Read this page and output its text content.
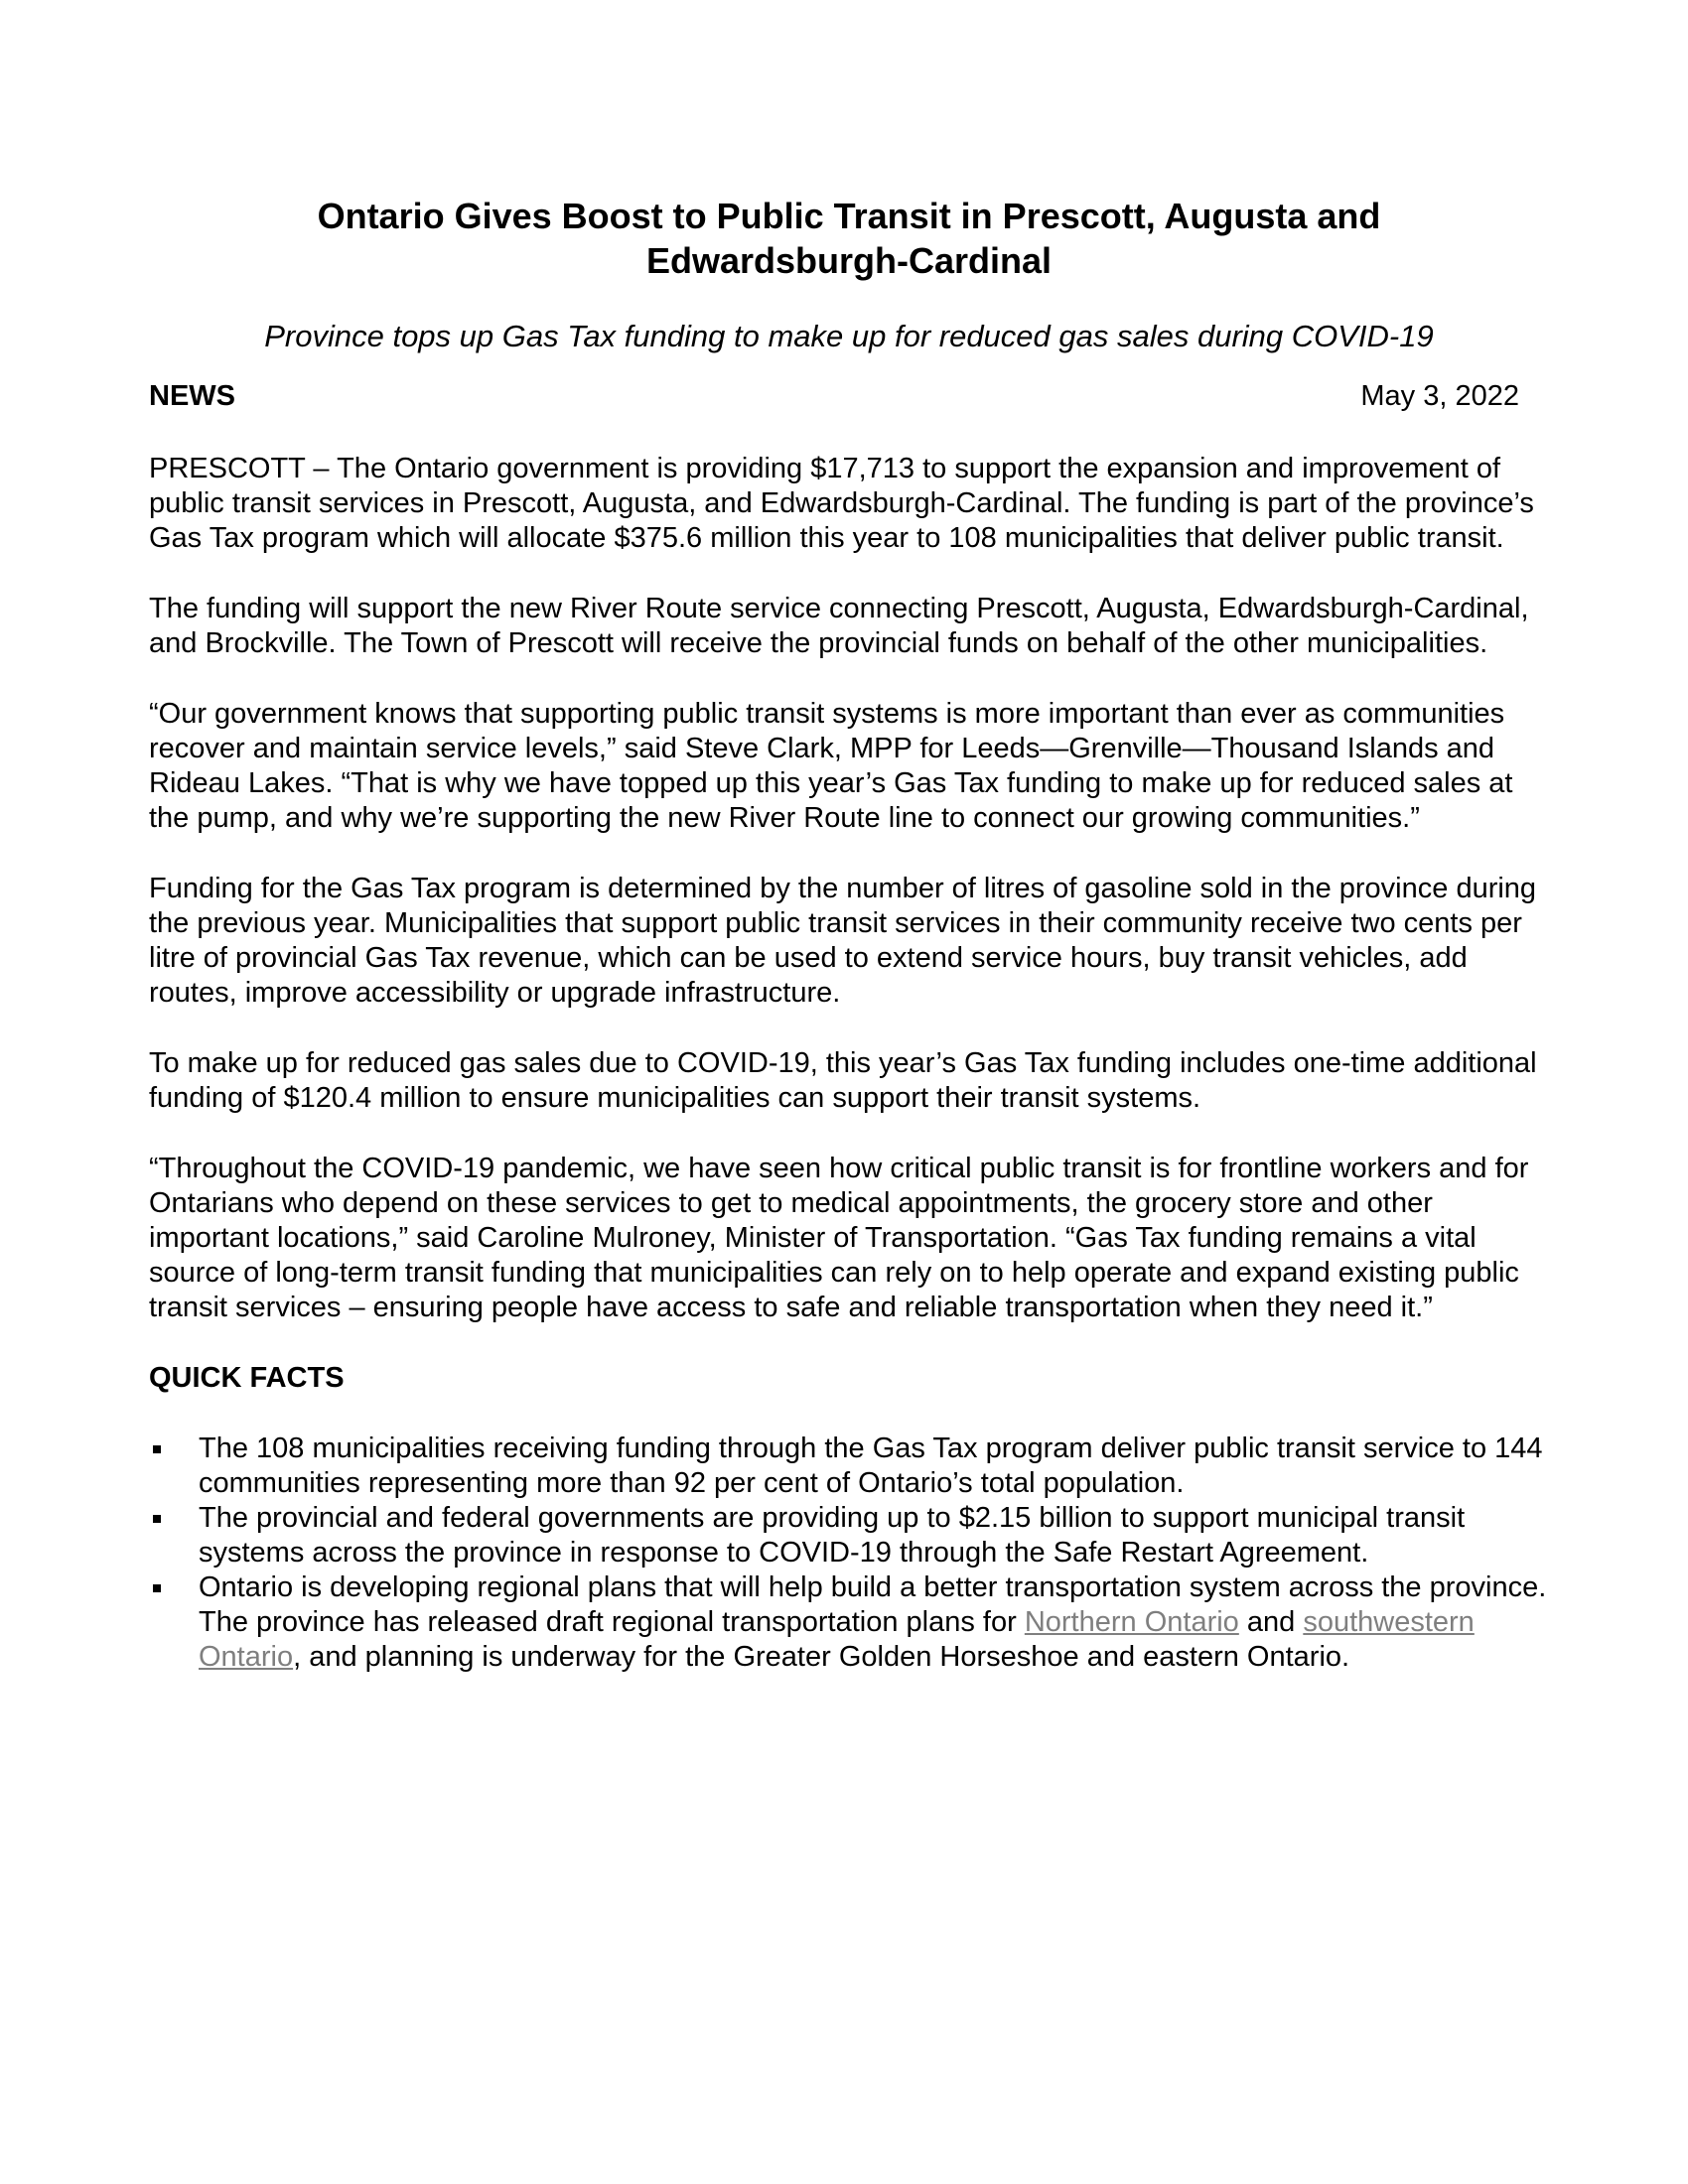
Ontario Gives Boost to Public Transit in Prescott, Augusta and
Edwardsburgh-Cardinal
Province tops up Gas Tax funding to make up for reduced gas sales during COVID-19
NEWS	May 3, 2022

PRESCOTT – The Ontario government is providing $17,713 to support the expansion and improvement of public transit services in Prescott, Augusta, and Edwardsburgh-Cardinal. The funding is part of the province’s Gas Tax program which will allocate $375.6 million this year to 108 municipalities that deliver public transit.

The funding will support the new River Route service connecting Prescott, Augusta, Edwardsburgh-Cardinal, and Brockville. The Town of Prescott will receive the provincial funds on behalf of the other municipalities.

“Our government knows that supporting public transit systems is more important than ever as communities recover and maintain service levels,” said Steve Clark, MPP for Leeds—Grenville—Thousand Islands and Rideau Lakes. “That is why we have topped up this year’s Gas Tax funding to make up for reduced sales at the pump, and why we’re supporting the new River Route line to connect our growing communities.”

Funding for the Gas Tax program is determined by the number of litres of gasoline sold in the province during the previous year. Municipalities that support public transit services in their community receive two cents per litre of provincial Gas Tax revenue, which can be used to extend service hours, buy transit vehicles, add routes, improve accessibility or upgrade infrastructure.

To make up for reduced gas sales due to COVID-19, this year’s Gas Tax funding includes one-time additional funding of $120.4 million to ensure municipalities can support their transit systems.

“Throughout the COVID-19 pandemic, we have seen how critical public transit is for frontline workers and for Ontarians who depend on these services to get to medical appointments, the grocery store and other important locations,” said Caroline Mulroney, Minister of Transportation. “Gas Tax funding remains a vital source of long-term transit funding that municipalities can rely on to help operate and expand existing public transit services – ensuring people have access to safe and reliable transportation when they need it.”

QUICK FACTS
The 108 municipalities receiving funding through the Gas Tax program deliver public transit service to 144 communities representing more than 92 per cent of Ontario’s total population.
The provincial and federal governments are providing up to $2.15 billion to support municipal transit systems across the province in response to COVID-19 through the Safe Restart Agreement.
Ontario is developing regional plans that will help build a better transportation system across the province. The province has released draft regional transportation plans for Northern Ontario and southwestern Ontario, and planning is underway for the Greater Golden Horseshoe and eastern Ontario.
